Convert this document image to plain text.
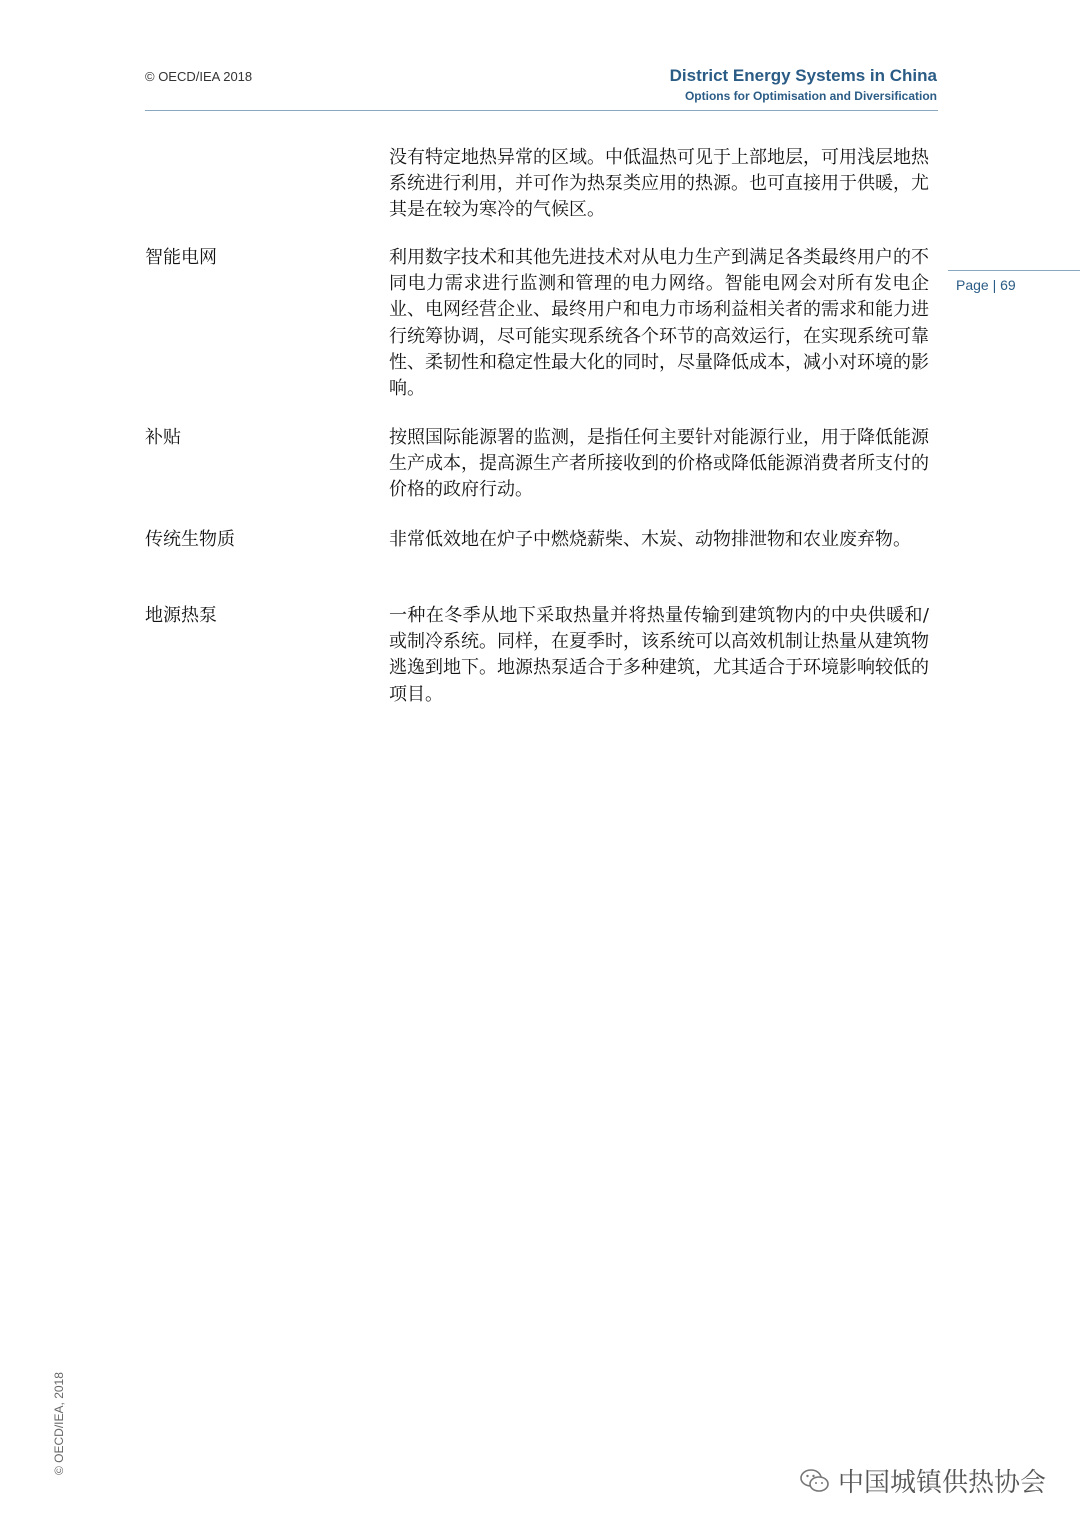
© OECD/IEA 2018	District Energy Systems in China
Options for Optimisation and Diversification
Page | 69
没有特定地热异常的区域。中低温热可见于上部地层，可用浅层地热系统进行利用，并可作为热泵类应用的热源。也可直接用于供暖，尤其是在较为寒冷的气候区。
智能电网	利用数字技术和其他先进技术对从电力生产到满足各类最终用户的不同电力需求进行监测和管理的电力网络。智能电网会对所有发电企业、电网经营企业、最终用户和电力市场利益相关者的需求和能力进行统筹协调，尽可能实现系统各个环节的高效运行，在实现系统可靠性、柔韧性和稳定性最大化的同时，尽量降低成本，减小对环境的影响。
补贴	按照国际能源署的监测，是指任何主要针对能源行业，用于降低能源生产成本，提高源生产者所接收到的价格或降低能源消费者所支付的价格的政府行动。
传统生物质	非常低效地在炉子中燃烧薪柴、木炭、动物排泄物和农业废弃物。
地源热泵	一种在冬季从地下采取热量并将热量传输到建筑物内的中央供暖和/或制冷系统。同样，在夏季时，该系统可以高效机制让热量从建筑物逃逸到地下。地源热泵适合于多种建筑，尤其适合于环境影响较低的项目。
© OECD/IEA, 2018
中国城镇供热协会
